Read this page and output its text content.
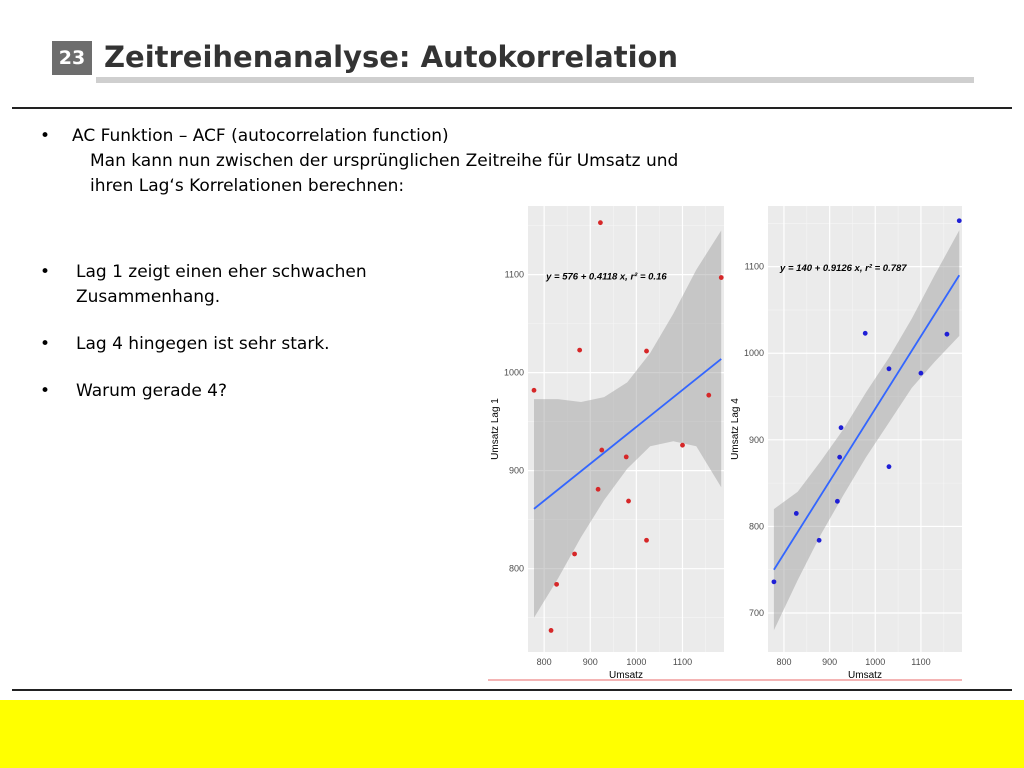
23 Zeitreihenanalyse: Autokorrelation
• AC Funktion – ACF (autocorrelation function)
Man kann nun zwischen der ursprünglichen Zeitreihe für Umsatz und
ihren Lag‘s Korrelationen berechnen:
• Lag 1 zeigt einen eher schwachen
Zusammenhang.
• Lag 4 hingegen ist sehr stark.
• Warum gerade 4?
800	900	1000	1100
800
900
1000
1100 y = 576 + 0.4118 x, r² = 0.16
Umsatz
Umsatz Lag 1
800	900	1000	1100
700
800
900
1000
1100 y = 140 + 0.9126 x, r² = 0.787
Umsatz
Umsatz Lag 4
